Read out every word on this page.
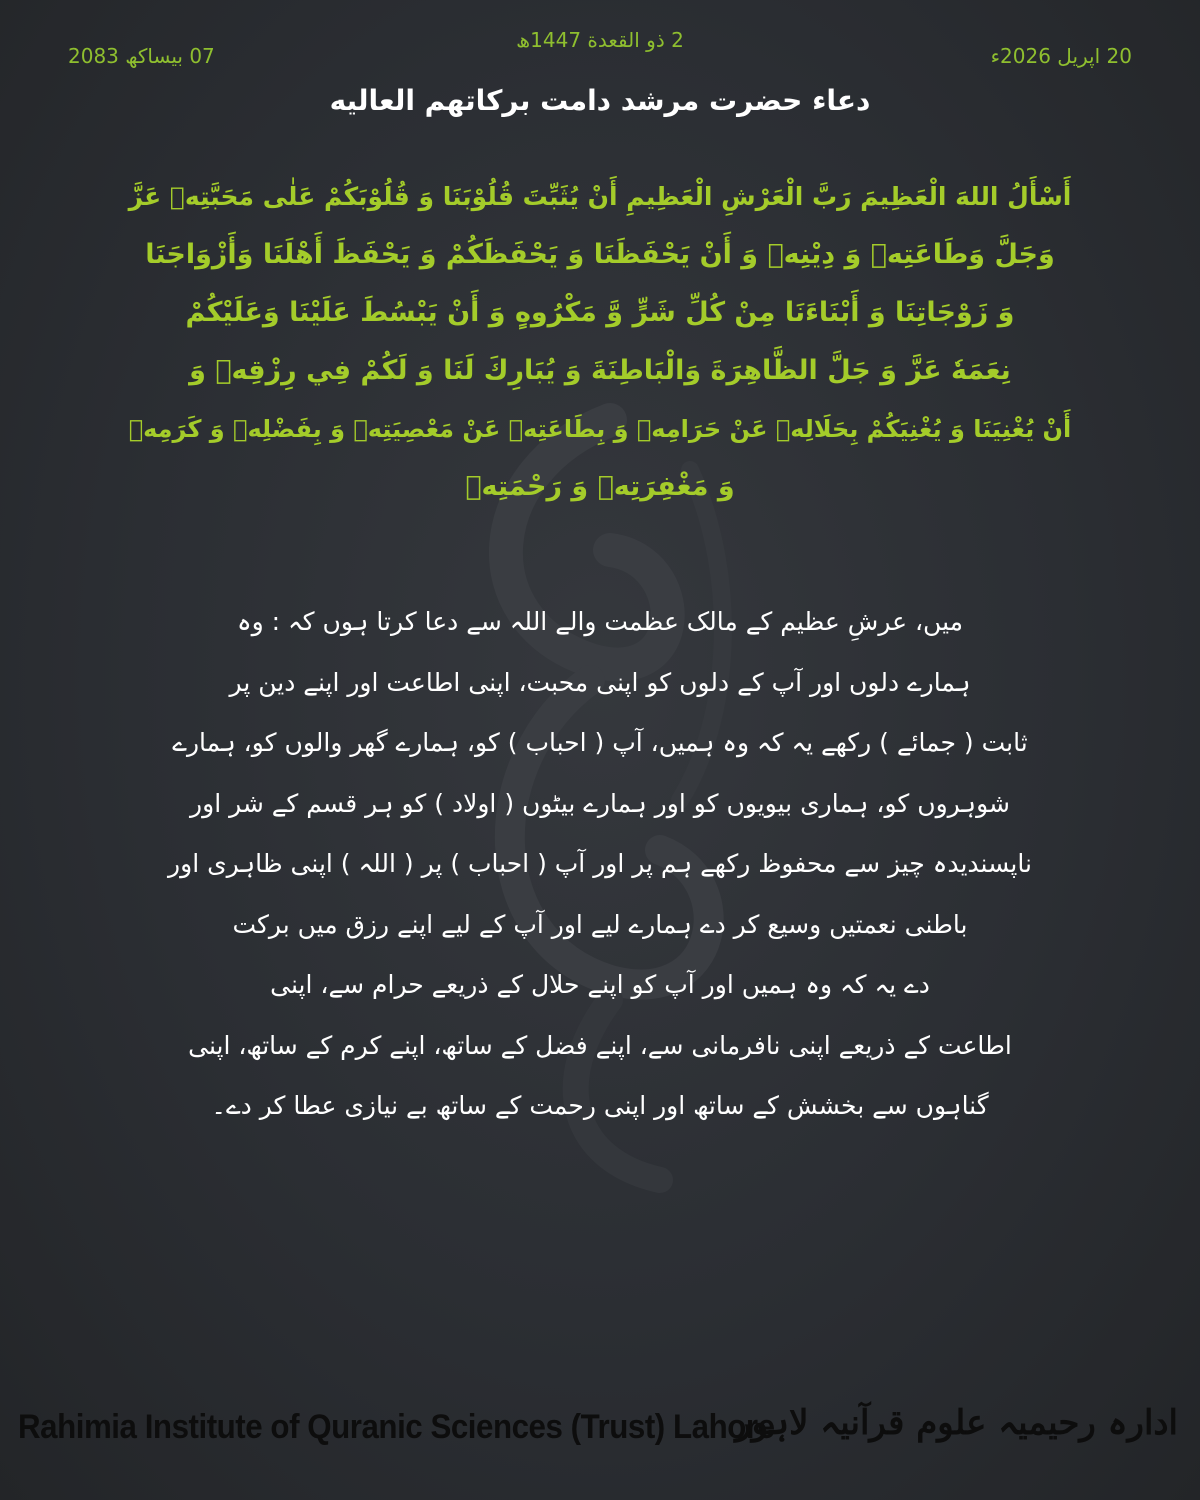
20 اپریل 2026ء
2 ذو القعدة 1447ھ
07 بیساکھ 2083
دعاء حضرت مرشد دامت برکاتهم العالیه
أَسْأَلُ اللهَ الْعَظِيمَ رَبَّ الْعَرْشِ الْعَظِيمِ أَنْ يُثَبِّتَ قُلُوْبَنَا وَ قُلُوْبَكُمْ عَلٰى مَحَبَّتِهٖ عَزَّ
وَجَلَّ وَطَاعَتِهٖ وَ دِيْنِهٖ وَ أَنْ يَحْفَظَنَا وَ يَحْفَظَكُمْ وَ يَحْفَظَ أَهْلَنَا وَأَزْوَاجَنَا
وَ زَوْجَاتِنَا وَ أَبْنَاءَنَا مِنْ كُلِّ شَرٍّ وَّ مَكْرُوهٍ وَ أَنْ يَبْسُطَ عَلَيْنَا وَعَلَيْكُمْ
نِعَمَهٗ عَزَّ وَ جَلَّ الظَّاهِرَةَ وَالْبَاطِنَةَ وَ يُبَارِكَ لَنَا وَ لَكُمْ فِي رِزْقِهٖ وَ
أَنْ يُغْنِيَنَا وَ يُغْنِيَكُمْ بِحَلَالِهٖ عَنْ حَرَامِهٖ وَ بِطَاعَتِهٖ عَنْ مَعْصِيَتِهٖ وَ بِفَضْلِهٖ وَ كَرَمِهٖ
وَ مَغْفِرَتِهٖ وَ رَحْمَتِهٖ
میں، عرشِ عظیم کے مالک عظمت والے اللہ سے دعا کرتا ہوں کہ : وہ
ہمارے دلوں اور آپ کے دلوں کو اپنی محبت، اپنی اطاعت اور اپنے دین پر
ثابت ( جمائے ) رکھے یہ کہ وہ ہمیں، آپ ( احباب ) کو، ہمارے گھر والوں کو، ہمارے
شوہروں کو، ہماری بیویوں کو اور ہمارے بیٹوں ( اولاد ) کو ہر قسم کے شر اور
ناپسندیدہ چیز سے محفوظ رکھے ہم پر اور آپ ( احباب ) پر ( اللہ ) اپنی ظاہری اور
باطنی نعمتیں وسیع کر دے ہمارے لیے اور آپ کے لیے اپنے رزق میں برکت
دے یہ کہ وہ ہمیں اور آپ کو اپنے حلال کے ذریعے حرام سے، اپنی
اطاعت کے ذریعے اپنی نافرمانی سے، اپنے فضل کے ساتھ، اپنے کرم کے ساتھ، اپنی
گناہوں سے بخشش کے ساتھ اور اپنی رحمت کے ساتھ بے نیازی عطا کر دے۔
Rahimia Institute of Quranic Sciences (Trust) Lahore
ادارہ رحیمیہ علوم قرآنیہ لاہور
